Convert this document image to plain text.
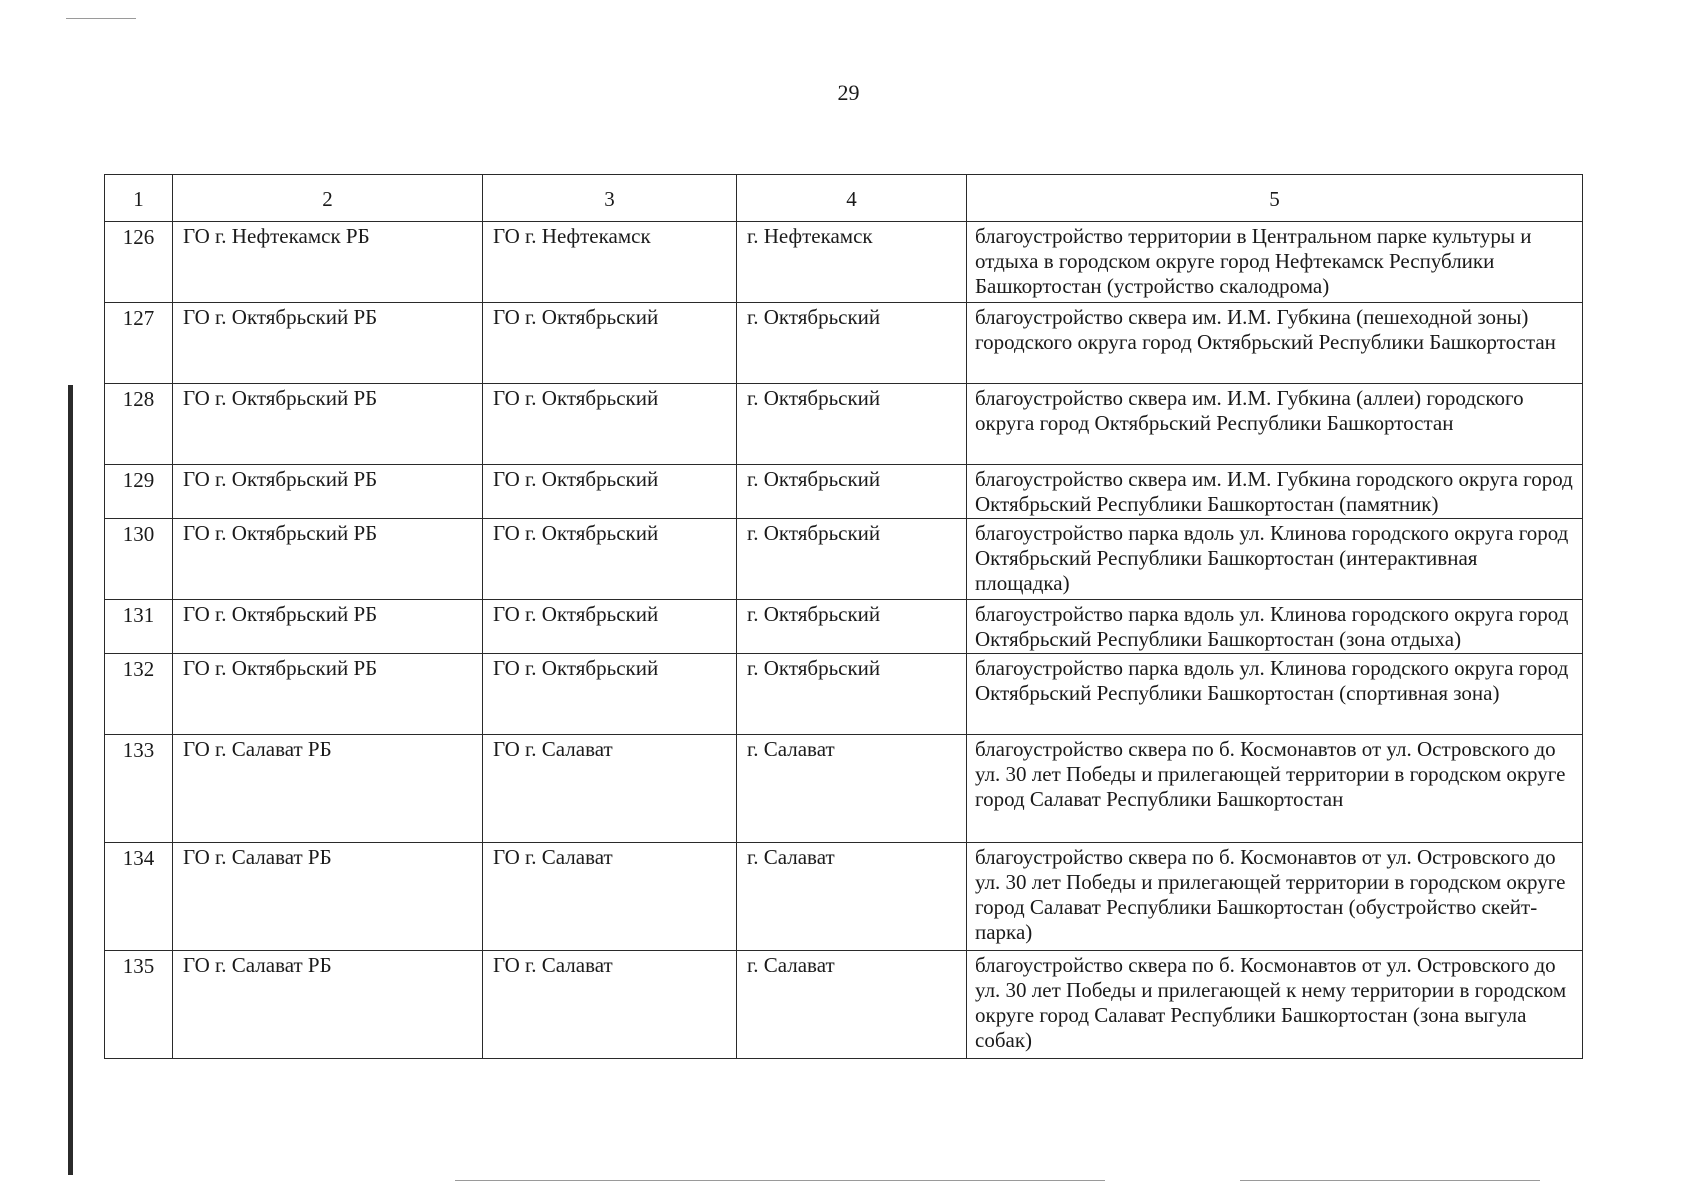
29
1	2	3	4	5
126	ГО г. Нефтекамск РБ	ГО г. Нефтекамск	г. Нефтекамск	благоустройство территории в Центральном парке культуры и отдыха в городском округе город Нефтекамск Республики Башкортостан (устройство скалодрома)
127	ГО г. Октябрьский РБ	ГО г. Октябрьский	г. Октябрьский	благоустройство сквера им. И.М. Губкина (пешеходной зоны) городского округа город Октябрьский Республики Башкортостан
128	ГО г. Октябрьский РБ	ГО г. Октябрьский	г. Октябрьский	благоустройство сквера им. И.М. Губкина (аллеи) городского округа город Октябрьский Республики Башкортостан
129	ГО г. Октябрьский РБ	ГО г. Октябрьский	г. Октябрьский	благоустройство сквера им. И.М. Губкина городского округа город Октябрьский Республики Башкортостан (памятник)
130	ГО г. Октябрьский РБ	ГО г. Октябрьский	г. Октябрьский	благоустройство парка вдоль ул. Клинова городского округа город Октябрьский Республики Башкортостан (интерактивная площадка)
131	ГО г. Октябрьский РБ	ГО г. Октябрьский	г. Октябрьский	благоустройство парка вдоль ул. Клинова городского округа город Октябрьский Республики Башкортостан (зона отдыха)
132	ГО г. Октябрьский РБ	ГО г. Октябрьский	г. Октябрьский	благоустройство парка вдоль ул. Клинова городского округа город Октябрьский Республики Башкортостан (спортивная зона)
133	ГО г. Салават РБ	ГО г. Салават	г. Салават	благоустройство сквера по б. Космонавтов от ул. Островского до ул. 30 лет Победы и прилегающей территории в городском округе город Салават Республики Башкортостан
134	ГО г. Салават РБ	ГО г. Салават	г. Салават	благоустройство сквера по б. Космонавтов от ул. Островского до ул. 30 лет Победы и прилегающей территории в городском округе город Салават Республики Башкортостан (обустройство скейт-парка)
135	ГО г. Салават РБ	ГО г. Салават	г. Салават	благоустройство сквера по б. Космонавтов от ул. Островского до ул. 30 лет Победы и прилегающей к нему территории в городском округе город Салават Республики Башкортостан (зона выгула собак)
